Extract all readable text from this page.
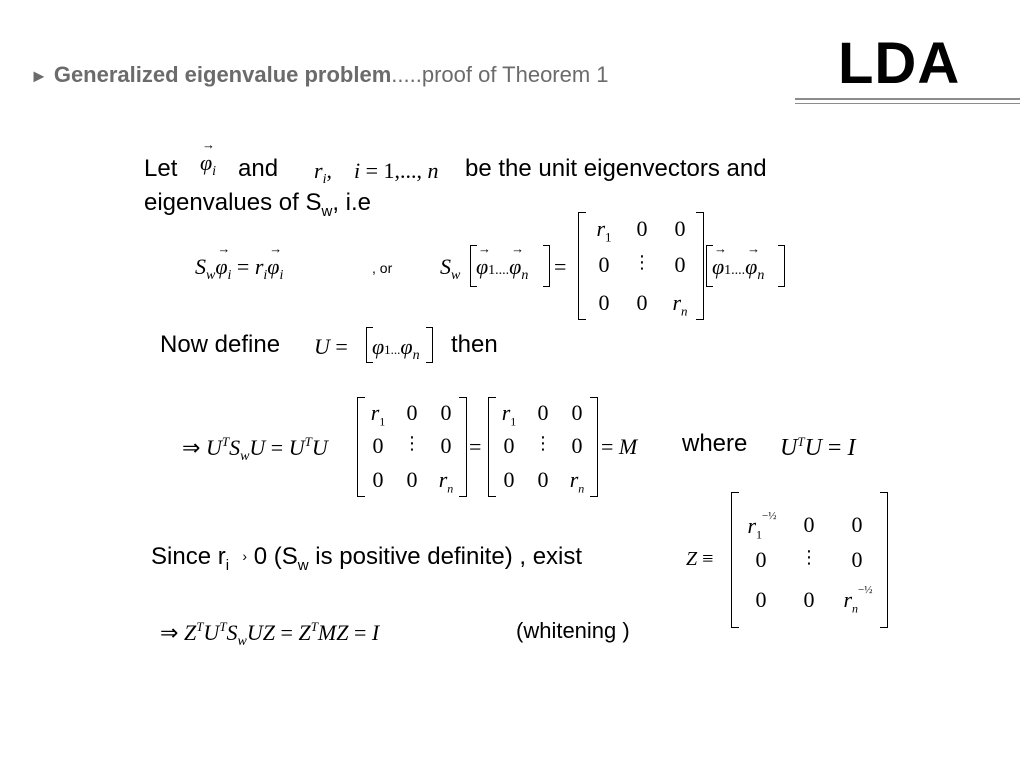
► Generalized eigenvalue problem.....proof of Theorem 1	LDA
Let
→ $\varphi_i$ and $r_i$,    i = 1,..., n be the unit eigenvectors and
eigenvalues of $S_w$, i.e
$S_w\to \varphi_i = r_i\to \varphi_i$	, or $S_w$
→ $\varphi 1....\to \varphi_n$ =
$r_1$	0	0
0	⋮	0
0	0	$r_n$
→ $\varphi 1....\to \varphi_n$
Now define $U = \varphi 1...\varphi_n$ then
⇒ $U^TS_wU = U^TU$
$r_1$ 0	0
0	⋮ 0
0	0 $r_n$
=
$r_1$ 0	0
0	⋮ 0
0	0 $r_n$
= M where $U^TU = I$
Since $r_i$  › 0 ($S_w$ is positive definite) , exist	Z ≡
$r_1^{-\frac{1}{2}}$	0	0
0	⋮	0
0	0	$r_n^{-\frac{1}{2}}$
⇒ $Z^TU^TS_wUZ = Z^TMZ = I$	(whitening )
